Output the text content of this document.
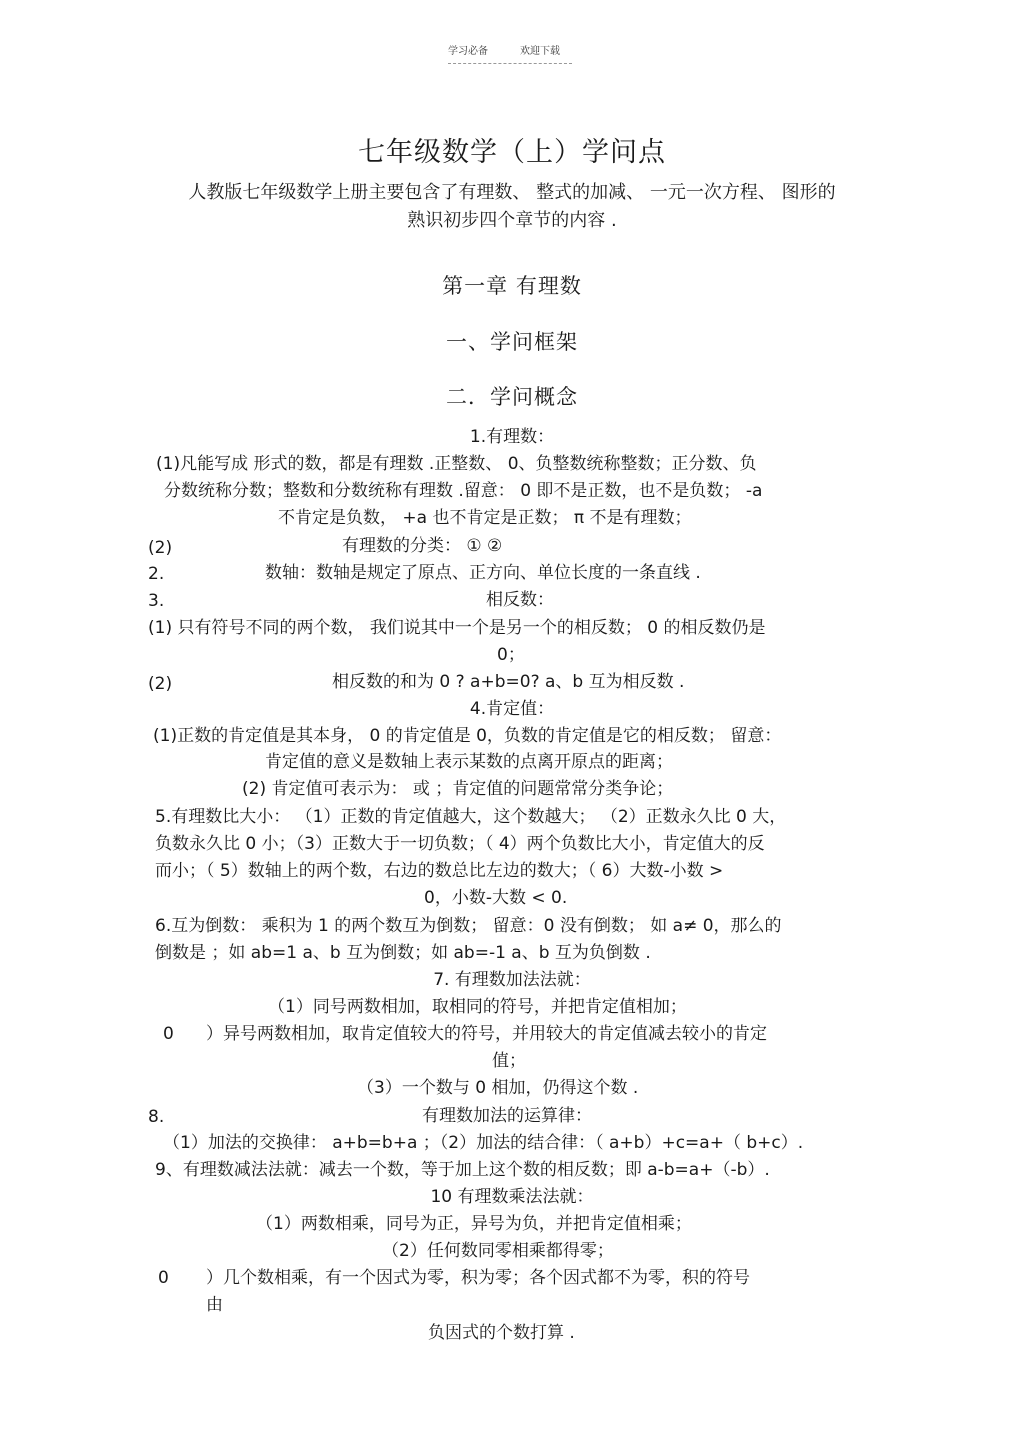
学习必备	欢迎下载
七年级数学（上）学问点
人教版七年级数学上册主要包含了有理数、 整式的加减、 一元一次方程、 图形的
熟识初步四个章节的内容 .
第一章 有理数
一、学问框架
二．学问概念
1.有理数：
(1)凡能写成 形式的数，都是有理数 .正整数、 0、负整数统称整数；正分数、负
分数统称分数；整数和分数统称有理数 .留意： 0 即不是正数，也不是负数； -a
不肯定是负数， +a 也不肯定是正数； π 不是有理数；
(2)	有理数的分类： ① ②
2.	数轴：数轴是规定了原点、正方向、单位长度的一条直线 .
3.	相反数：
(1) 只有符号不同的两个数， 我们说其中一个是另一个的相反数； 0 的相反数仍是
0；
(2)	相反数的和为 0 ? a+b=0? a、b 互为相反数 .
4.肯定值：
(1)正数的肯定值是其本身， 0 的肯定值是 0，负数的肯定值是它的相反数； 留意：
肯定值的意义是数轴上表示某数的点离开原点的距离；
(2) 肯定值可表示为： 或 ；肯定值的问题常常分类争论；
5.有理数比大小： （1）正数的肯定值越大，这个数越大； （2）正数永久比 0 大，
负数永久比 0 小；（3）正数大于一切负数；（ 4）两个负数比大小，肯定值大的反
而小；（ 5）数轴上的两个数，右边的数总比左边的数大；（ 6）大数-小数 >
0，小数-大数 < 0.
6.互为倒数： 乘积为 1 的两个数互为倒数； 留意：0 没有倒数； 如 a≠ 0，那么的
倒数是 ；如 ab=1 a、b 互为倒数；如 ab=-1 a、b 互为负倒数 .
7. 有理数加法法就：
（1）同号两数相加，取相同的符号，并把肯定值相加；
0 ）异号两数相加，取肯定值较大的符号，并用较大的肯定值减去较小的肯定
值；
（3）一个数与 0 相加，仍得这个数 .
8.	有理数加法的运算律：
（1）加法的交换律： a+b=b+a ；（2）加法的结合律：（ a+b）+c=a+（ b+c）.
9、有理数减法法就：减去一个数，等于加上这个数的相反数；即 a-b=a+（-b）.
10 有理数乘法法就：
（1）两数相乘，同号为正，异号为负，并把肯定值相乘；
（2）任何数同零相乘都得零；
0 ）几个数相乘，有一个因式为零，积为零；各个因式都不为零，积的符号
由
负因式的个数打算 .
